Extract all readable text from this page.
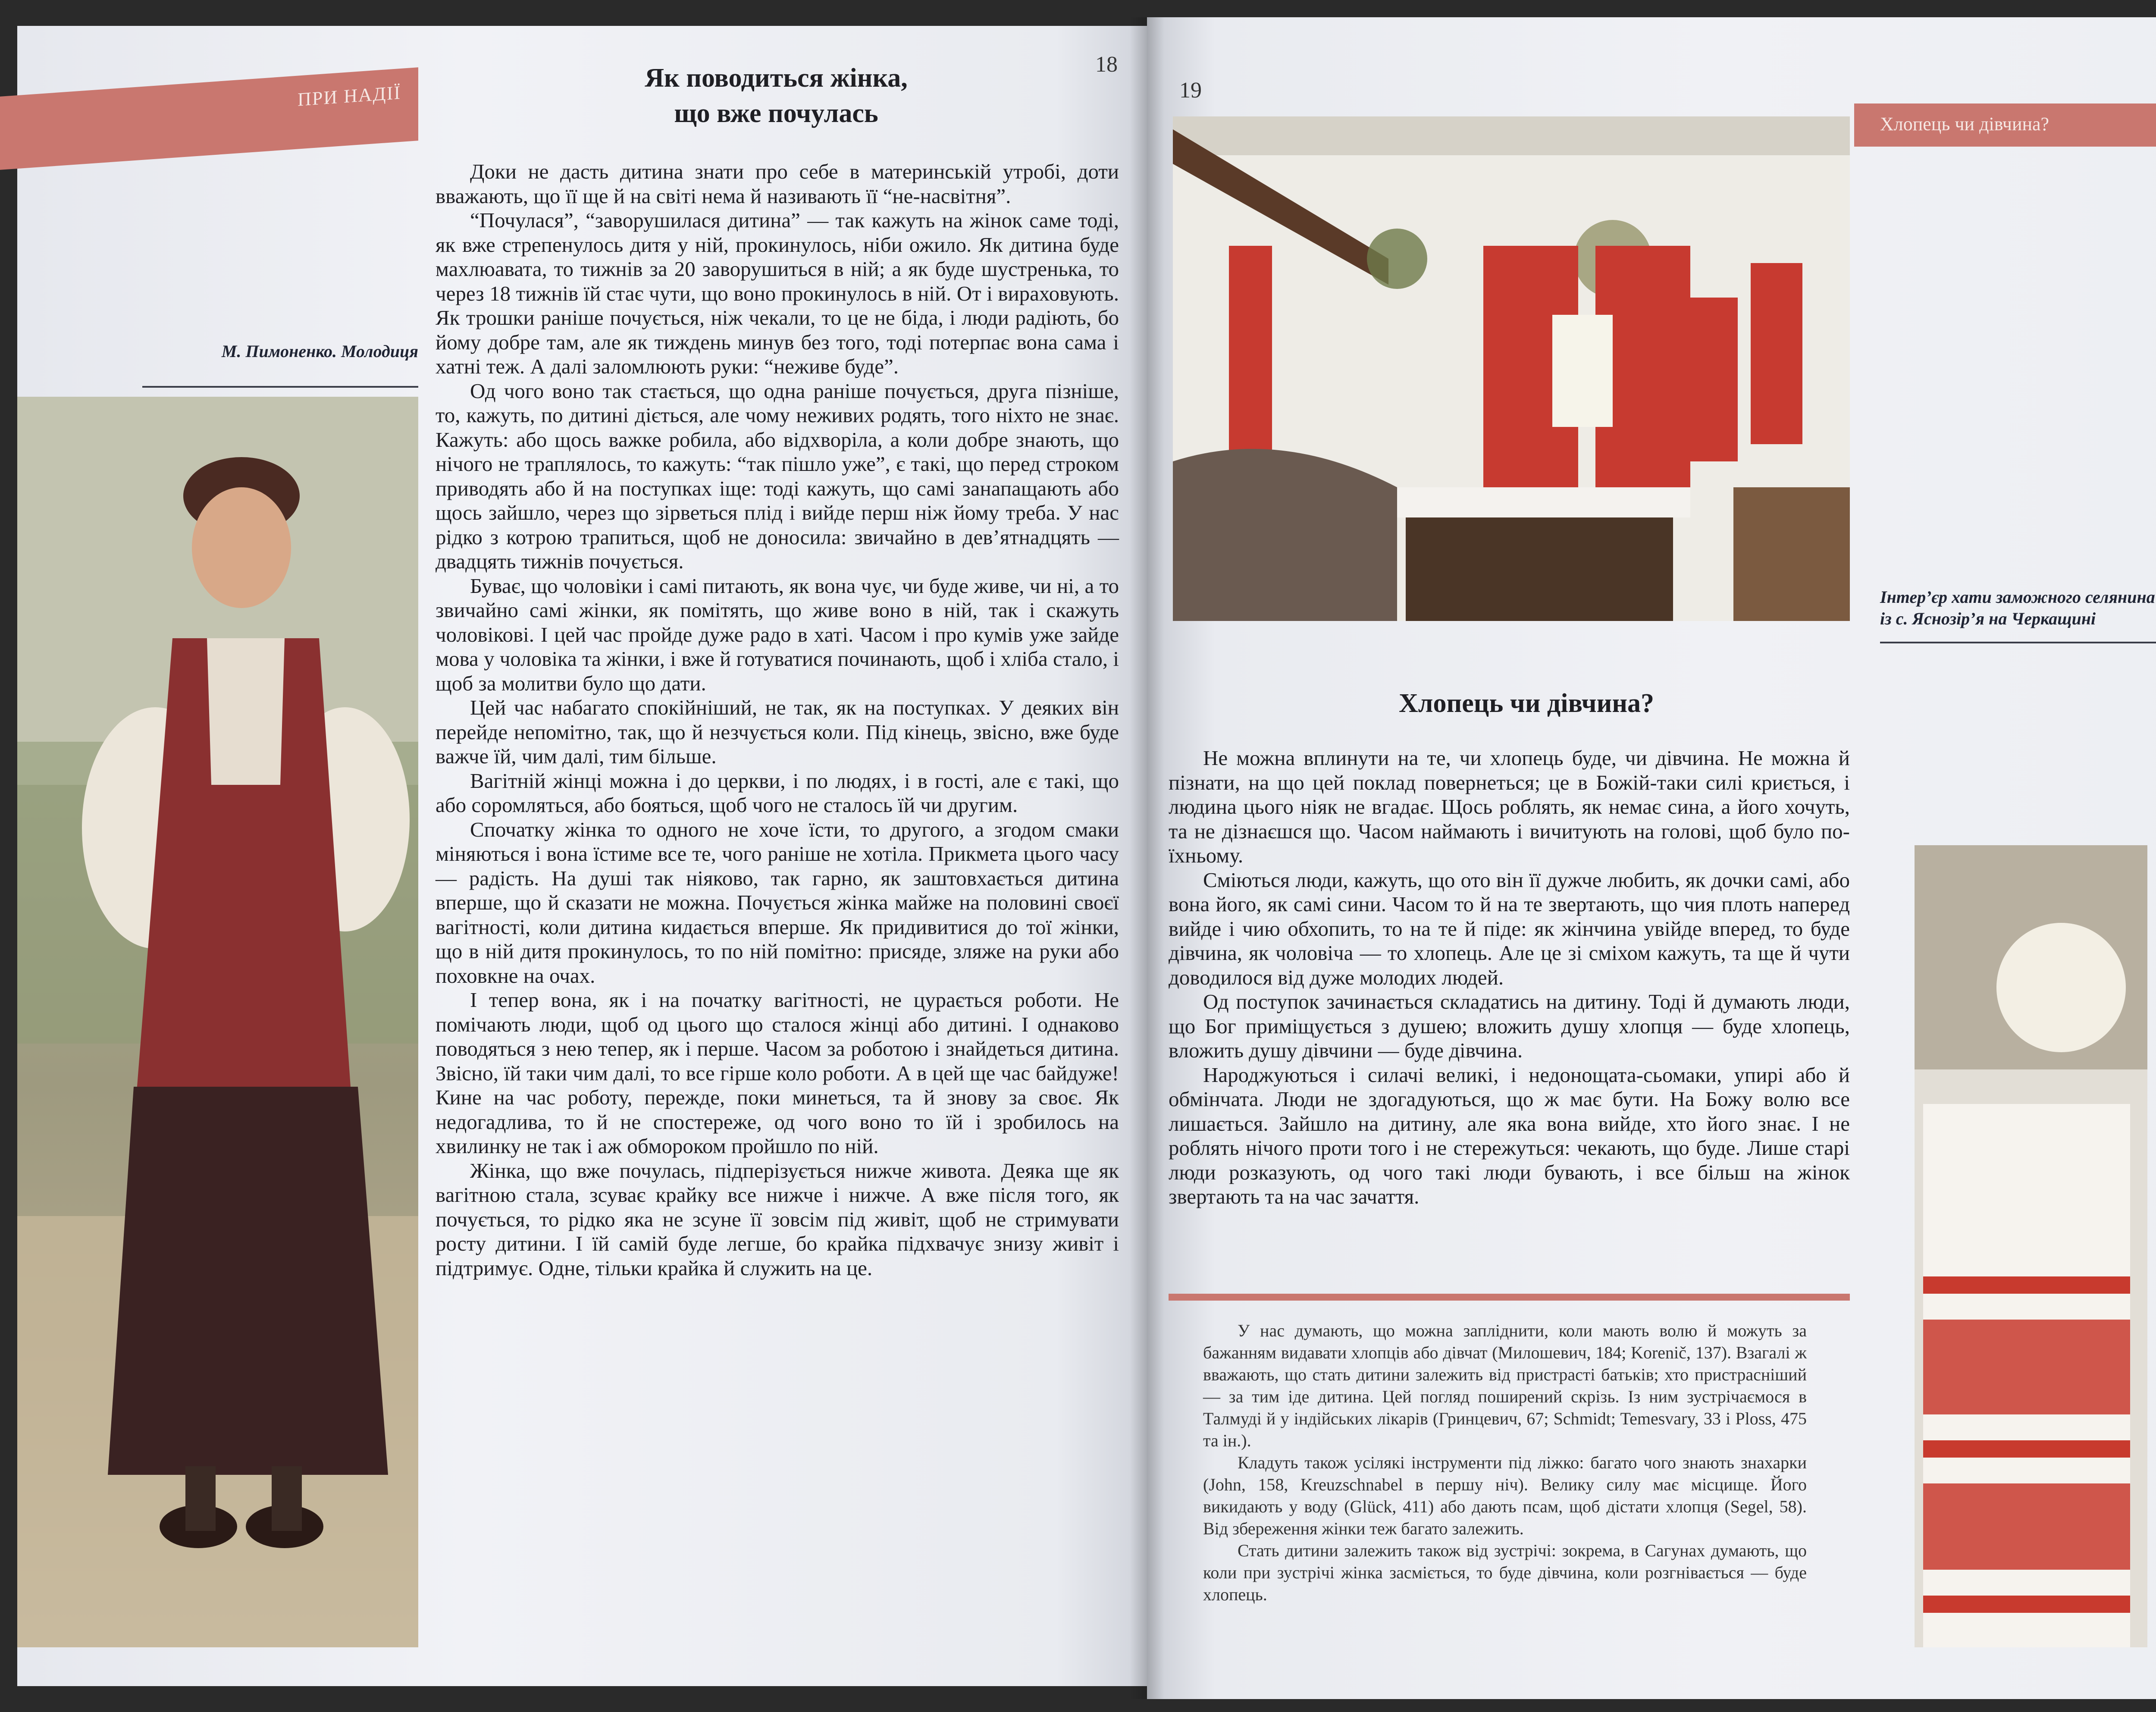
ПРИ НАДІЇ
18
Як поводиться жінка,
що вже почулась
М. Пимоненко. Молодиця

Доки не дасть дитина знати про себе в материнській утробі, доти вважають, що її ще й на світі нема й називають її “не-насвітня”.

“Почулася”, “заворушилася дитина” — так кажуть на жінок саме тоді, як вже стрепенулось дитя у ній, прокинулось, ніби ожило. Як дитина буде махлюавата, то тижнів за 20 заворушиться в ній; а як буде шустренька, то через 18 тижнів їй стає чути, що воно прокинулось в ній. От і вираховують. Як трошки раніше почується, ніж чекали, то це не біда, і люди радіють, бо йому добре там, але як тиждень минув без того, тоді потерпає вона сама і хатні теж. А далі заломлюють руки: “неживе буде”.

Од чого воно так стається, що одна раніше почується, друга пізніше, то, кажуть, по дитині діється, але чому неживих родять, того ніхто не знає. Кажуть: або щось важке робила, або відхворіла, а коли добре знають, що нічого не траплялось, то кажуть: “так пішло уже”, є такі, що перед строком приводять або й на поступках іще: тоді кажуть, що самі занапащають або щось зайшло, через що зірветься плід і вийде перш ніж йому треба. У нас рідко з котрою трапиться, щоб не доносила: звичайно в дев’ятнадцять — двадцять тижнів почується.

Буває, що чоловіки і самі питають, як вона чує, чи буде живе, чи ні, а то звичайно самі жінки, як помітять, що живе воно в ній, так і скажуть чоловікові. І цей час пройде дуже радо в хаті. Часом і про кумів уже зайде мова у чоловіка та жінки, і вже й готуватися починають, щоб і хліба стало, і щоб за молитви було що дати.

Цей час набагато спокійніший, не так, як на поступках. У деяких він перейде непомітно, так, що й незчується коли. Під кінець, звісно, вже буде важче їй, чим далі, тим більше.

Вагітній жінці можна і до церкви, і по людях, і в гості, але є такі, що або соромляться, або бояться, щоб чого не сталось їй чи другим.

Спочатку жінка то одного не хоче їсти, то другого, а згодом смаки міняються і вона їстиме все те, чого раніше не хотіла. Прикмета цього часу — радість. На душі так ніяково, так гарно, як заштовхається дитина вперше, що й сказати не можна. Почується жінка майже на половині своєї вагітності, коли дитина кидається вперше. Як придивитися до тої жінки, що в ній дитя прокинулось, то по ній помітно: присяде, зляже на руки або поховкне на очах.

І тепер вона, як і на початку вагітності, не цурається роботи. Не помічають люди, щоб од цього що сталося жінці або дитині. І однаково поводяться з нею тепер, як і перше. Часом за роботою і знайдеться дитина. Звісно, їй таки чим далі, то все гірше коло роботи. А в цей ще час байдуже! Кине на час роботу, пережде, поки минеться, та й знову за своє. Як недогадлива, то й не спостереже, од чого воно то їй і зробилось на хвилинку не так і аж обмороком пройшло по ній.

Жінка, що вже почулась, підперізується нижче живота. Деяка ще як вагітною стала, зсуває крайку все нижче і нижче. А вже після того, як почується, то рідко яка не зсуне її зовсім під живіт, щоб не стримувати росту дитини. І їй самій буде легше, бо крайка підхвачує знизу живіт і підтримує. Одне, тільки крайка й служить на це.

19
Хлопець чи дівчина?
Інтер’єр хати заможного селянина
із с. Яснозір’я на Черкащині
Хлопець чи дівчина?

Не можна вплинути на те, чи хлопець буде, чи дівчина. Не можна й пізнати, на що цей поклад повернеться; це в Божій-таки силі криється, і людина цього ніяк не вгадає. Щось роблять, як немає сина, а його хочуть, та не дізнаєшся що. Часом наймають і вичитують на голові, щоб було по-їхньому.

Сміються люди, кажуть, що ото він її дужче любить, як дочки самі, або вона його, як самі сини. Часом то й на те звертають, що чия плоть наперед вийде і чию обхопить, то на те й піде: як жінчина увійде вперед, то буде дівчина, як чоловіча — то хлопець. Але це зі сміхом кажуть, та ще й чути доводилося від дуже молодих людей.

Од поступок зачинається складатись на дитину. Тоді й думають люди, що Бог приміщується з душею; вложить душу хлопця — буде хлопець, вложить душу дівчини — буде дівчина.

Народжуються і силачі великі, і недонощата-сьомаки, упирі або й обмінчата. Люди не здогадуються, що ж має бути. На Божу волю все лишається. Зайшло на дитину, але яка вона вийде, хто його знає. І не роблять нічого проти того і не стережуться: чекають, що буде. Лише старі люди розказують, од чого такі люди бувають, і все більш на жінок звертають та на час зачаття.

У нас думають, що можна запліднити, коли мають волю й можуть за бажанням видавати хлопців або дівчат (Милошевич, 184; Korenič, 137). Взагалі ж вважають, що стать дитини залежить від пристрасті батьків; хто пристрасніший — за тим іде дитина. Цей погляд поширений скрізь. Із ним зустрічаємося в Талмуді й у індійських лікарів (Гринцевич, 67; Schmidt; Temesvary, 33 і Ploss, 475 та ін.).

Кладуть також усілякі інструменти під ліжко: багато чого знають знахарки (John, 158, Kreuzschnabel в першу ніч). Велику силу має місцище. Його викидають у воду (Glück, 411) або дають псам, щоб дістати хлопця (Segel, 58). Від збереження жінки теж багато залежить.

Стать дитини залежить також від зустрічі: зокрема, в Сагунах думають, що коли при зустрічі жінка засміється, то буде дівчина, коли розгнівається — буде хлопець.
